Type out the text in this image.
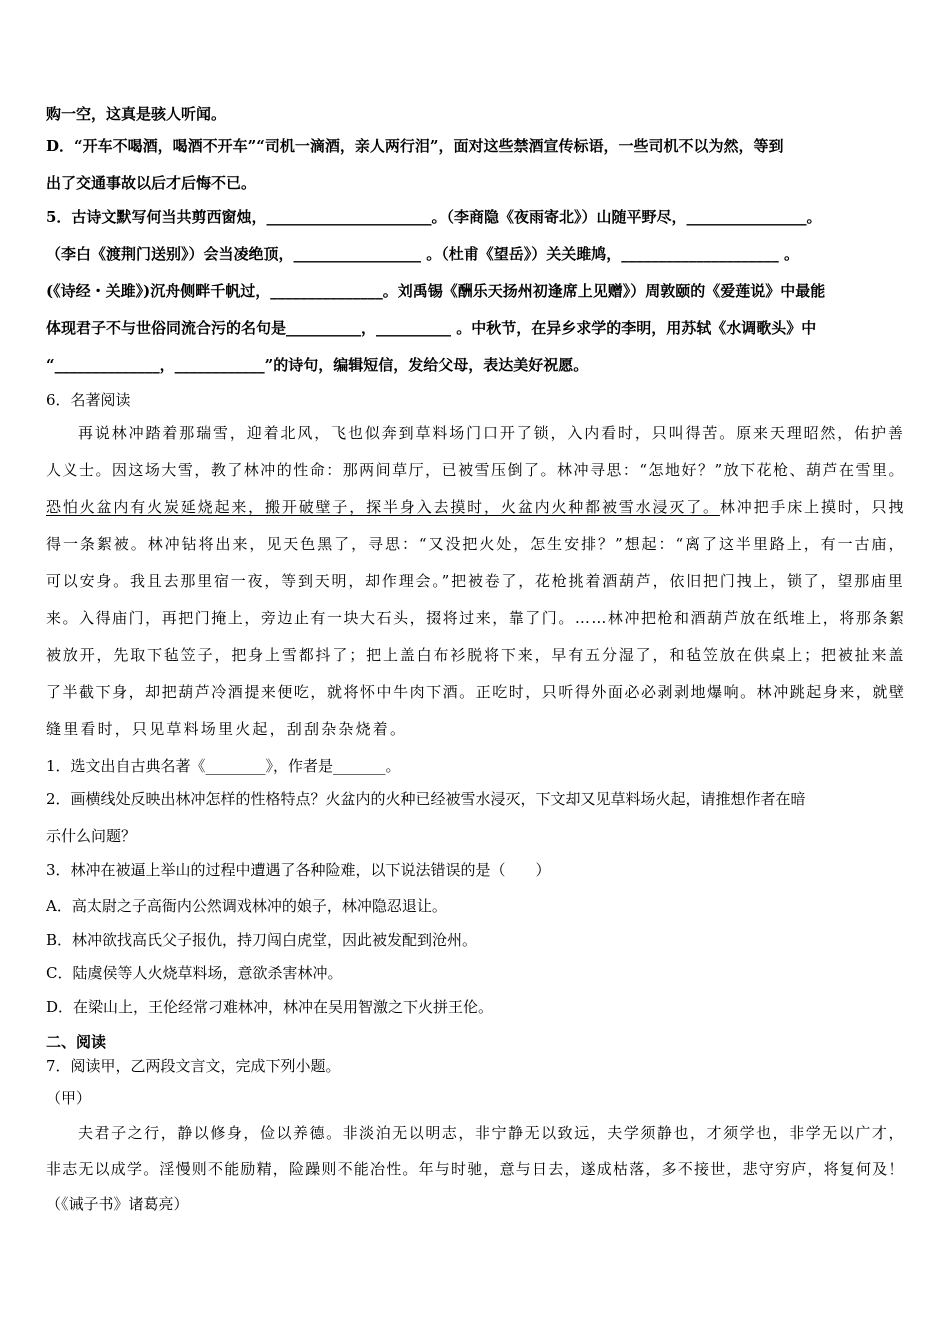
购一空，这真是骇人听闻。
D．“开车不喝酒，喝酒不开车”“司机一滴酒，亲人两行泪”，面对这些禁酒宣传标语，一些司机不以为然，等到
出了交通事故以后才后悔不已。
5．古诗文默写何当共剪西窗烛，______________________。（李商隐《夜雨寄北》）山随平野尽，________________。
（李白《渡荆门送别》）会当凌绝顶，_________________ 。（杜甫《望岳》）关关雎鸠，_____________________ 。
(《诗经・关雎》)沉舟侧畔千帆过，_______________。刘禹锡《酬乐天扬州初逢席上见赠》）周敦颐的《爱莲说》中最能
体现君子不与世俗同流合污的名句是__________，__________ 。中秋节，在异乡求学的李明，用苏轼《水调歌头》中
“______________，____________”的诗句，编辑短信，发给父母，表达美好祝愿。
6．名著阅读
再说林冲踏着那瑞雪，迎着北风，飞也似奔到草料场门口开了锁，入内看时，只叫得苦。原来天理昭然，佑护善
人义士。因这场大雪，教了林冲的性命：那两间草厅，已被雪压倒了。林冲寻思：“怎地好？”放下花枪、葫芦在雪里。
恐怕火盆内有火炭延烧起来，搬开破壁子，探半身入去摸时，火盆内火种都被雪水浸灭了。林冲把手床上摸时，只拽
得一条絮被。林冲钻将出来，见天色黑了，寻思：“又没把火处，怎生安排？”想起：“离了这半里路上，有一古庙，
可以安身。我且去那里宿一夜，等到天明，却作理会。”把被卷了，花枪挑着酒葫芦，依旧把门拽上，锁了，望那庙里
来。入得庙门，再把门掩上，旁边止有一块大石头，掇将过来，靠了门。……林冲把枪和酒葫芦放在纸堆上，将那条絮
被放开，先取下毡笠子，把身上雪都抖了；把上盖白布衫脱将下来，早有五分湿了，和毡笠放在供桌上；把被扯来盖
了半截下身，却把葫芦冷酒提来便吃，就将怀中牛肉下酒。正吃时，只听得外面必必剥剥地爆响。林冲跳起身来，就壁
缝里看时，只见草料场里火起，刮刮杂杂烧着。
1．选文出自古典名著《________》，作者是_______。
2．画横线处反映出林冲怎样的性格特点？火盆内的火种已经被雪水浸灭，下文却又见草料场火起，请推想作者在暗
示什么问题？
3．林冲在被逼上举山的过程中遭遇了各种险难，以下说法错误的是（　　）
A．高太尉之子高衙内公然调戏林冲的娘子，林冲隐忍退让。
B．林冲欲找高氏父子报仇，持刀闯白虎堂，因此被发配到沧州。
C．陆虞侯等人火烧草料场，意欲杀害林冲。
D．在梁山上，王伦经常刁难林冲，林冲在吴用智激之下火拼王伦。
二、阅读
7．阅读甲，乙两段文言文，完成下列小题。
（甲）
夫君子之行，静以修身，俭以养德。非淡泊无以明志，非宁静无以致远，夫学须静也，才须学也，非学无以广才，
非志无以成学。淫慢则不能励精，险躁则不能冶性。年与时驰，意与日去，遂成枯落，多不接世，悲守穷庐，将复何及！
（《诫子书》诸葛亮）
